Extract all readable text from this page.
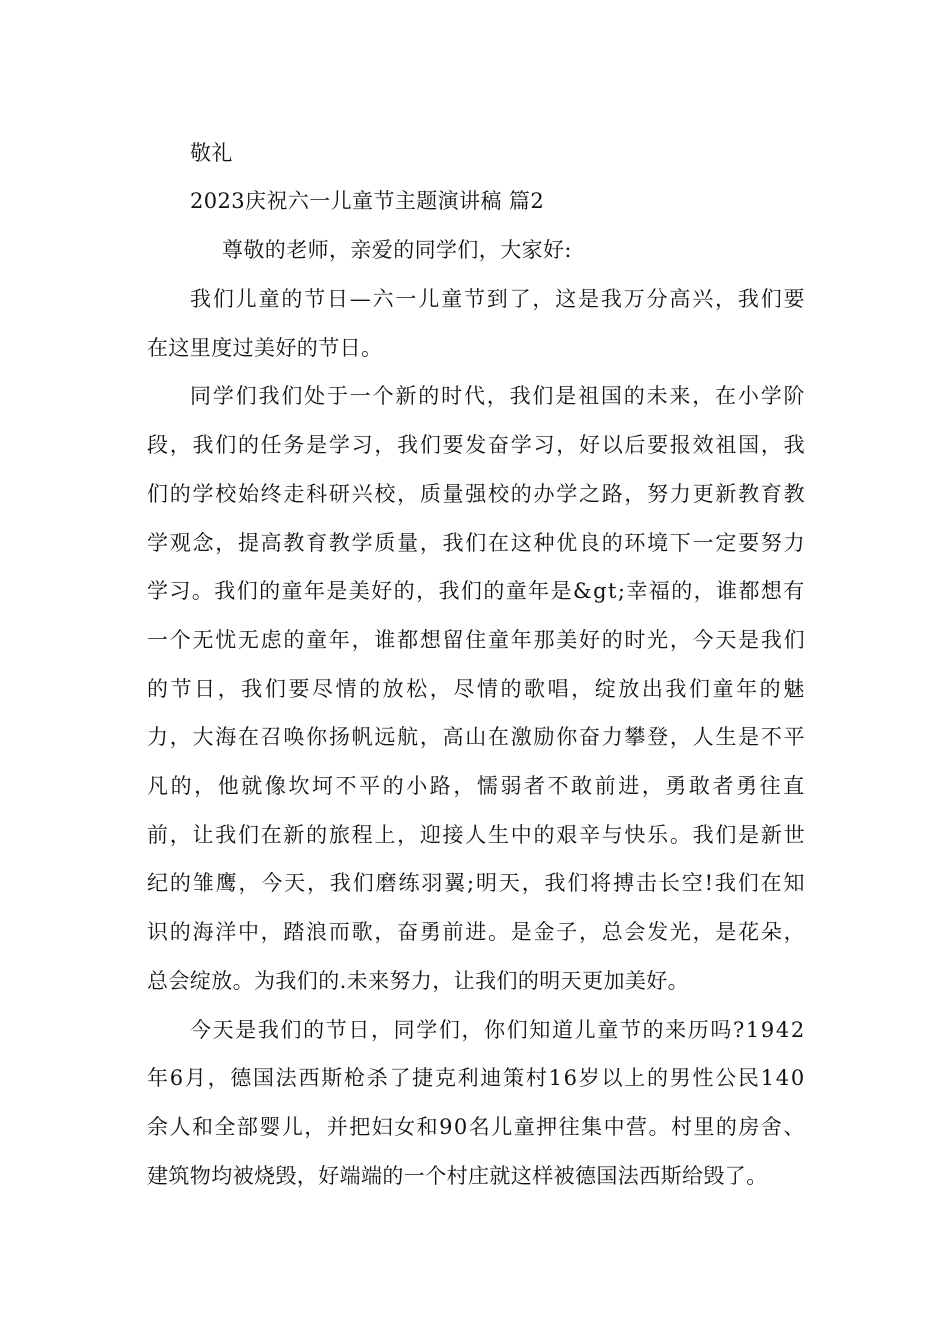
敬礼
2023庆祝六一儿童节主题演讲稿 篇2
尊敬的老师，亲爱的同学们，大家好:
我 们 儿 童 的 节 日 — 六 一 儿 童 节 到 了 ， 这 是 我 万 分 高 兴 ， 我 们 要
在这里度过美好的节日。
同 学 们 我 们 处 于 一 个 新 的 时 代 ， 我 们 是 祖 国 的 未 来 ， 在 小 学 阶
段 ， 我 们 的 任 务 是 学 习 ， 我 们 要 发 奋 学 习 ， 好 以 后 要 报 效 祖 国 ， 我
们 的 学 校 始 终 走 科 研 兴 校 ， 质 量 强 校 的 办 学 之 路 ， 努 力 更 新 教 育 教
学 观 念 ， 提 高 教 育 教 学 质 量 ， 我 们 在 这 种 优 良 的 环 境 下 一 定 要 努 力
学 习 。 我 们 的 童 年 是 美 好 的 ， 我 们 的 童 年 是 & g t ; 幸 福 的 ， 谁 都 想 有
一 个 无 忧 无 虑 的 童 年 ， 谁 都 想 留 住 童 年 那 美 好 的 时 光 ， 今 天 是 我 们
的 节 日 ， 我 们 要 尽 情 的 放 松 ， 尽 情 的 歌 唱 ， 绽 放 出 我 们 童 年 的 魅
力 ， 大 海 在 召 唤 你 扬 帆 远 航 ， 高 山 在 激 励 你 奋 力 攀 登 ， 人 生 是 不 平
凡 的 ， 他 就 像 坎 坷 不 平 的 小 路 ， 懦 弱 者 不 敢 前 进 ， 勇 敢 者 勇 往 直
前 ， 让 我 们 在 新 的 旅 程 上 ， 迎 接 人 生 中 的 艰 辛 与 快 乐 。 我 们 是 新 世
纪 的 雏 鹰 ， 今 天 ， 我 们 磨 练 羽 翼 ; 明 天 ， 我 们 将 搏 击 长 空 ! 我 们 在 知
识 的 海 洋 中 ， 踏 浪 而 歌 ， 奋 勇 前 进 。 是 金 子 ， 总 会 发 光 ， 是 花 朵 ，
总会绽放。为我们的.未来努力，让我们的明天更加美好。
今 天 是 我 们 的 节 日 ， 同 学 们 ， 你 们 知 道 儿 童 节 的 来 历 吗 ? 1 9 4 2
年 6 月 ， 德 国 法 西 斯 枪 杀 了 捷 克 利 迪 策 村 1 6 岁 以 上 的 男 性 公 民 1 4 0
余 人 和 全 部 婴 儿 ， 并 把 妇 女 和 9 0 名 儿 童 押 往 集 中 营 。 村 里 的 房 舍 、
建筑物均被烧毁，好端端的一个村庄就这样被德国法西斯给毁了。
